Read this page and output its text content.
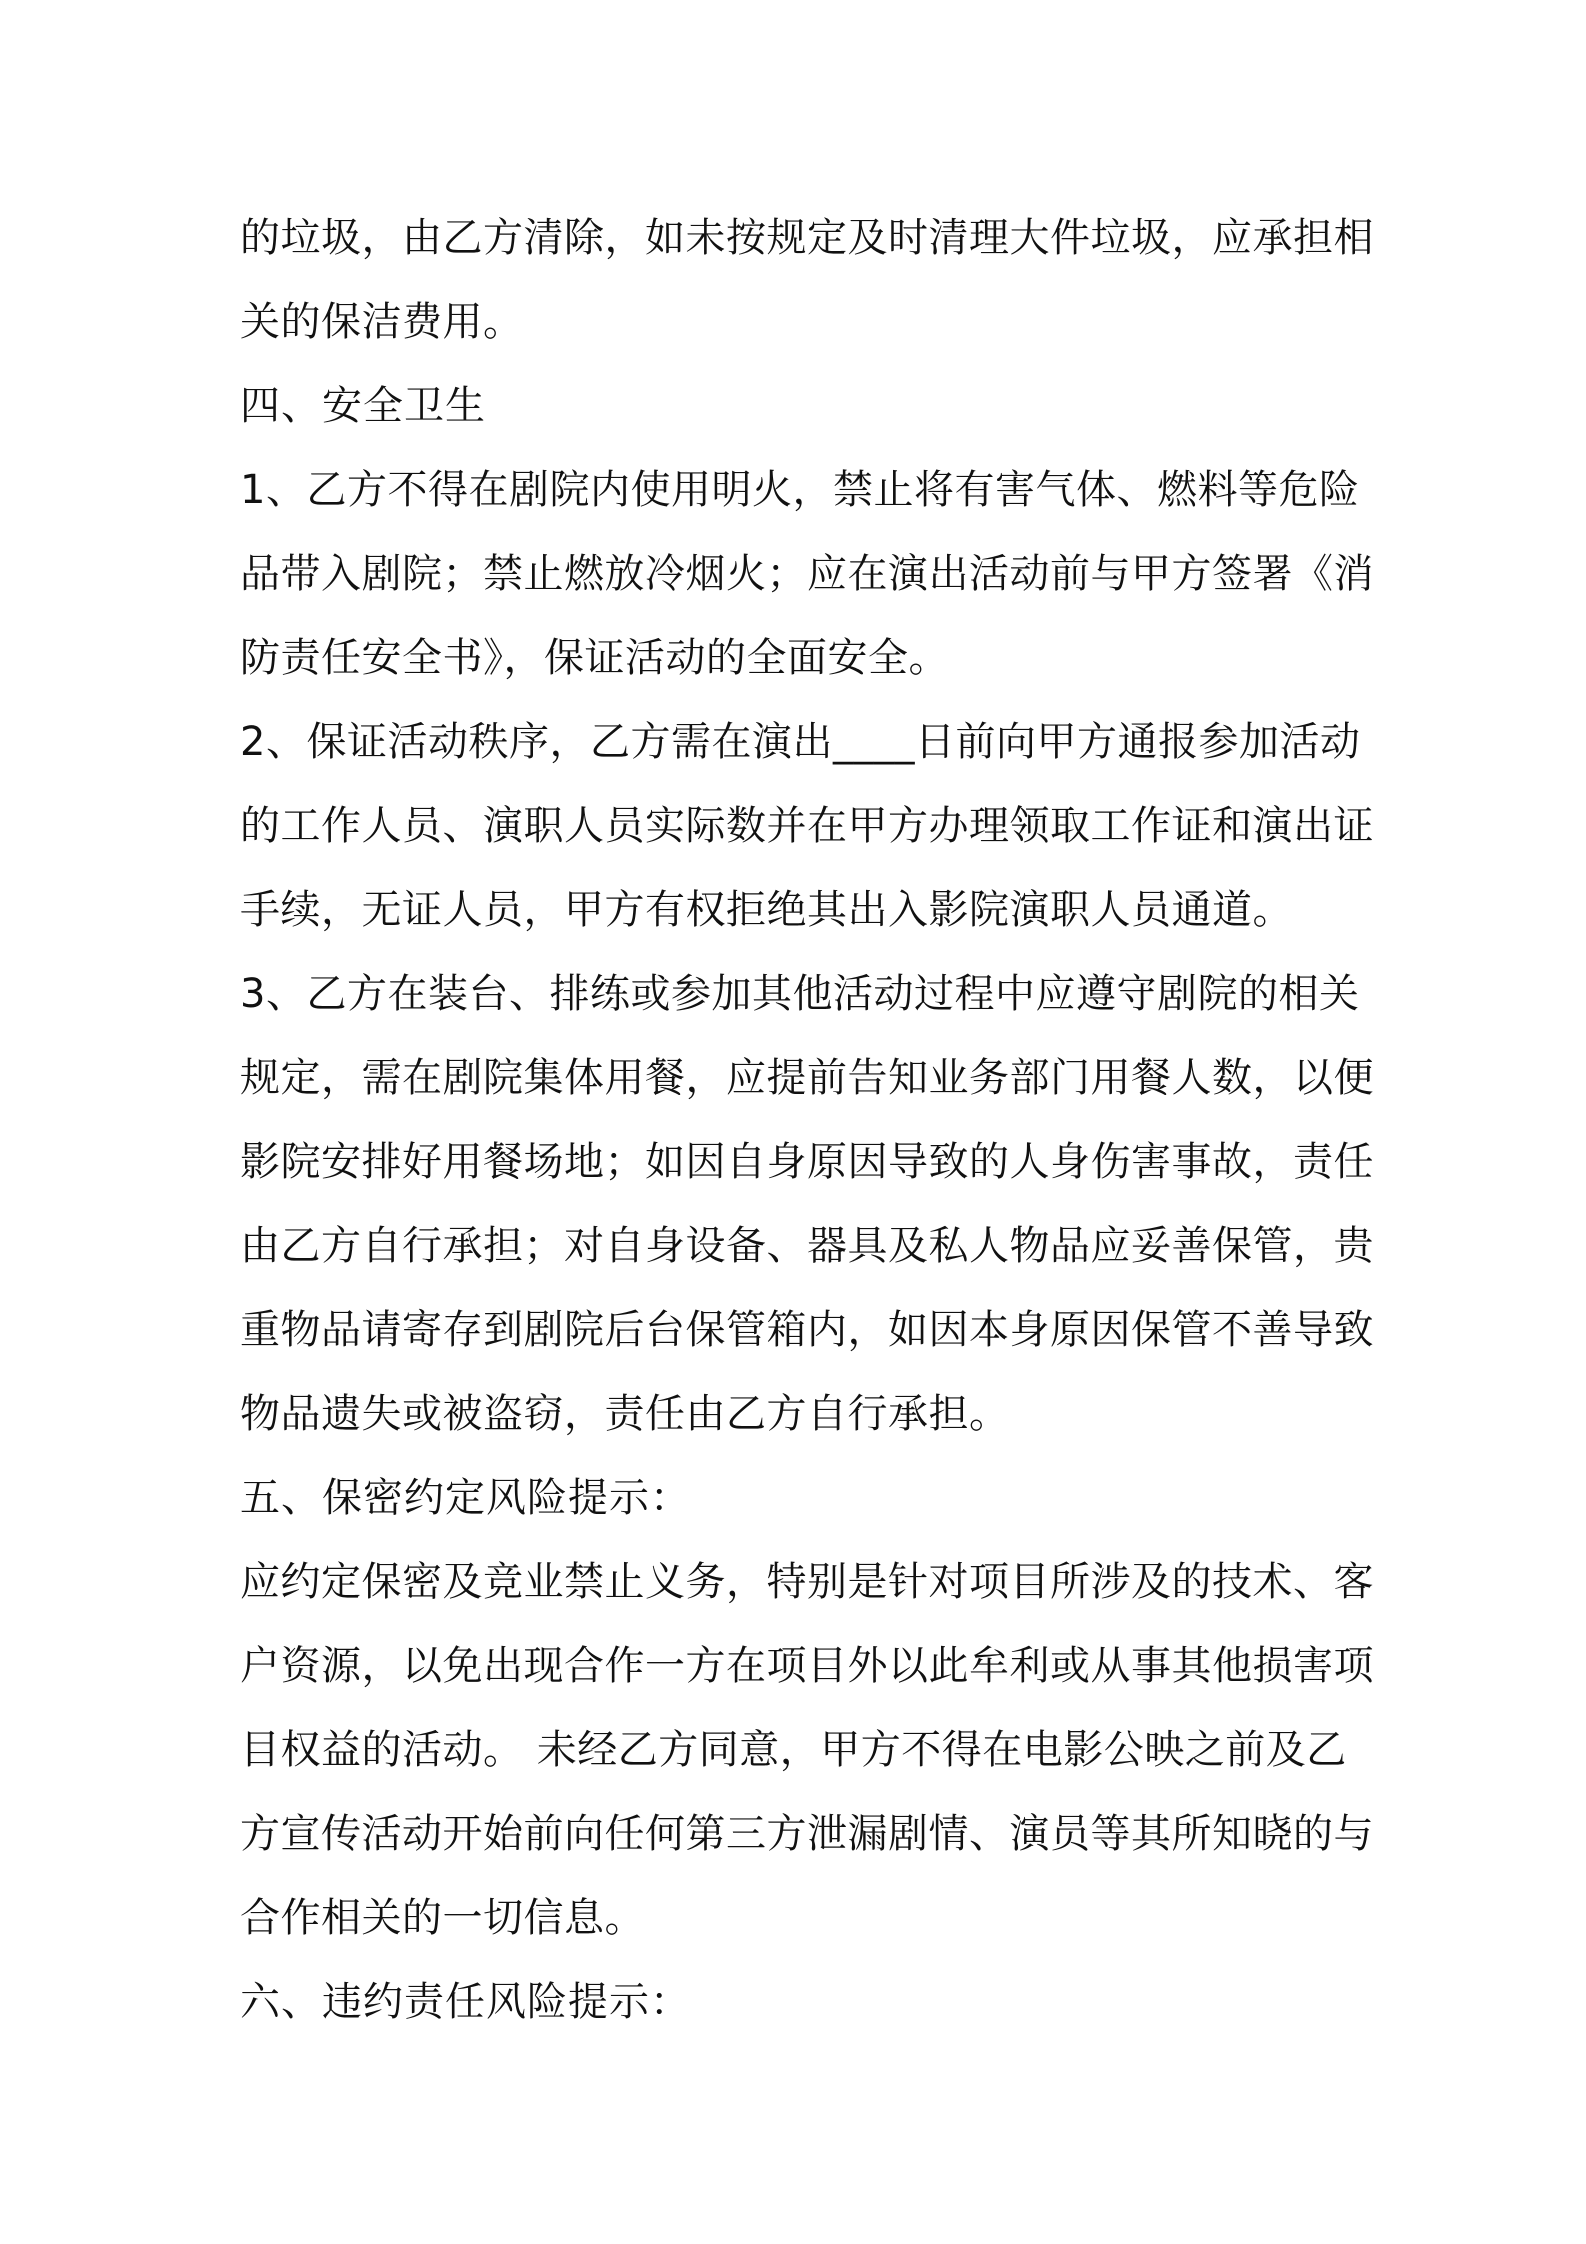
的垃圾，由乙方清除，如未按规定及时清理大件垃圾，应承担相
关的保洁费用。
四、安全卫生
1、乙方不得在剧院内使用明火，禁止将有害气体、燃料等危险
品带入剧院；禁止燃放冷烟火；应在演出活动前与甲方签署《消
防责任安全书》，保证活动的全面安全。
2、保证活动秩序，乙方需在演出____日前向甲方通报参加活动
的工作人员、演职人员实际数并在甲方办理领取工作证和演出证
手续，无证人员，甲方有权拒绝其出入影院演职人员通道。
3、乙方在装台、排练或参加其他活动过程中应遵守剧院的相关
规定，需在剧院集体用餐，应提前告知业务部门用餐人数，以便
影院安排好用餐场地；如因自身原因导致的人身伤害事故，责任
由乙方自行承担；对自身设备、器具及私人物品应妥善保管，贵
重物品请寄存到剧院后台保管箱内，如因本身原因保管不善导致
物品遗失或被盗窃，责任由乙方自行承担。
五、保密约定风险提示：
应约定保密及竞业禁止义务，特别是针对项目所涉及的技术、客
户资源，以免出现合作一方在项目外以此牟利或从事其他损害项
目权益的活动。 未经乙方同意，甲方不得在电影公映之前及乙
方宣传活动开始前向任何第三方泄漏剧情、演员等其所知晓的与
合作相关的一切信息。
六、违约责任风险提示：
